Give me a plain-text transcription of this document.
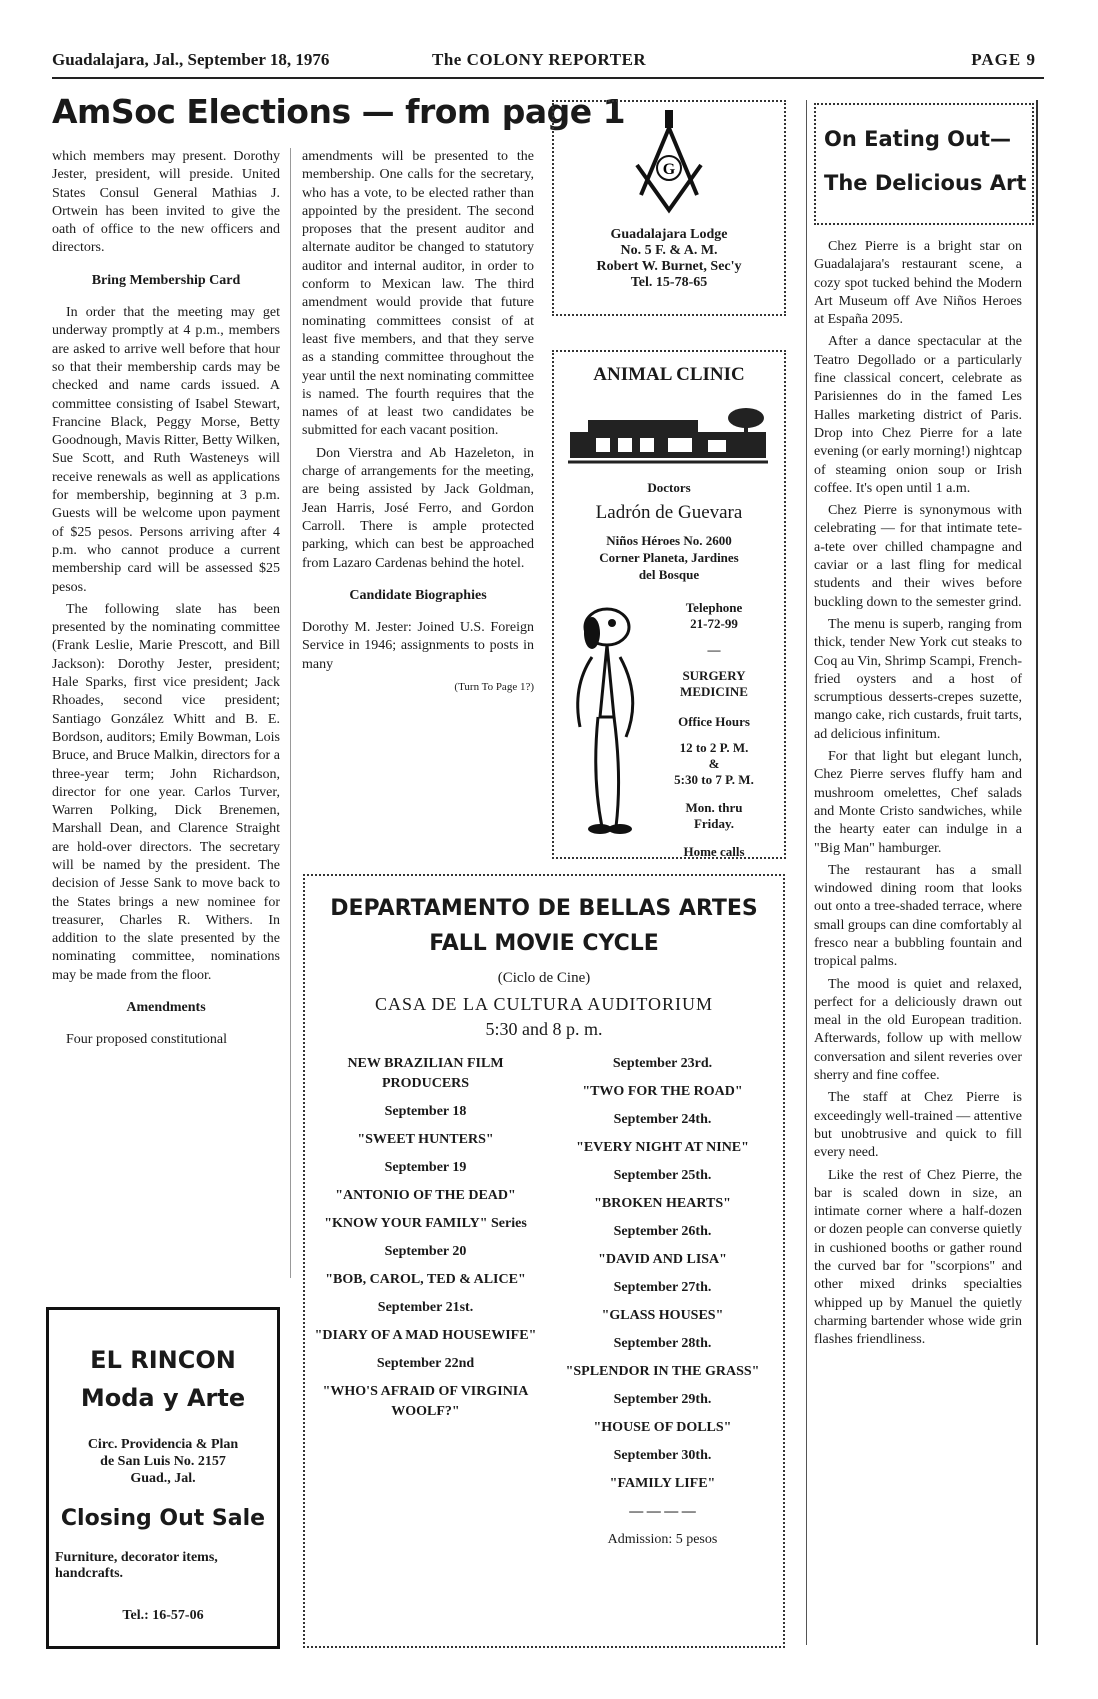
Guadalajara, Jal., September 18, 1976	The COLONY REPORTER	PAGE 9
AmSoc Elections — from page 1

which members may present. Dorothy Jester, president, will preside. United States Consul General Mathias J. Ortwein has been invited to give the oath of office to the new officers and directors.

Bring Membership Card

In order that the meeting may get underway promptly at 4 p.m., members are asked to arrive well before that hour so that their membership cards may be checked and name cards issued. A committee consisting of Isabel Stewart, Francine Black, Peggy Morse, Betty Goodnough, Mavis Ritter, Betty Wilken, Sue Scott, and Ruth Wasteneys will receive renewals as well as applications for membership, beginning at 3 p.m. Guests will be welcome upon payment of $25 pesos. Persons arriving after 4 p.m. who cannot produce a current membership card will be assessed $25 pesos.

The following slate has been presented by the nominating committee (Frank Leslie, Marie Prescott, and Bill Jackson): Dorothy Jester, president; Hale Sparks, first vice president; Jack Rhoades, second vice president; Santiago González Whitt and B. E. Bordson, auditors; Emily Bowman, Lois Bruce, and Bruce Malkin, directors for a three-year term; John Richardson, director for one year. Carlos Turver, Warren Polking, Dick Brenemen, Marshall Dean, and Clarence Straight are hold-over directors. The secretary will be named by the president. The decision of Jesse Sank to move back to the States brings a new nominee for treasurer, Charles R. Withers. In addition to the slate presented by the nominating committee, nominations may be made from the floor.

Amendments

Four proposed constitutional

amendments will be presented to the membership. One calls for the secretary, who has a vote, to be elected rather than appointed by the president. The second proposes that the present auditor and alternate auditor be changed to statutory auditor and internal auditor, in order to conform to Mexican law. The third amendment would provide that future nominating committees consist of at least five members, and that they serve as a standing committee throughout the year until the next nominating committee is named. The fourth requires that the names of at least two candidates be submitted for each vacant position.

Don Vierstra and Ab Hazeleton, in charge of arrangements for the meeting, are being assisted by Jack Goldman, Jean Harris, José Ferro, and Gordon Carroll. There is ample protected parking, which can best be approached from Lazaro Cardenas behind the hotel.

Candidate Biographies

Dorothy M. Jester: Joined U.S. Foreign Service in 1946; assignments to posts in many

(Turn To Page 1?)

G
Guadalajara Lodge
No. 5 F. & A. M.
Robert W. Burnet, Sec'y
Tel. 15-78-65
ANIMAL CLINIC
Doctors
Ladrón de Guevara
Niños Héroes No. 2600
Corner Planeta, Jardines
del Bosque
Telephone
21-72-99
—
SURGERY
MEDICINE
Office Hours
12 to 2 P. M.
&
5:30 to 7 P. M.
Mon. thru
Friday.
Home calls
DEPARTAMENTO DE BELLAS ARTES
FALL MOVIE CYCLE
(Ciclo de Cine)
CASA DE LA CULTURA AUDITORIUM
5:30 and 8 p. m.
NEW BRAZILIAN FILM PRODUCERS
September 18
"SWEET HUNTERS"
September 19
"ANTONIO OF THE DEAD"
"KNOW YOUR FAMILY" Series
September 20
"BOB, CAROL, TED & ALICE"
September 21st.
"DIARY OF A MAD HOUSEWIFE"
September 22nd
"WHO'S AFRAID OF VIRGINIA WOOLF?"
September 23rd.
"TWO FOR THE ROAD"
September 24th.
"EVERY NIGHT AT NINE"
September 25th.
"BROKEN HEARTS"
September 26th.
"DAVID AND LISA"
September 27th.
"GLASS HOUSES"
September 28th.
"SPLENDOR IN THE GRASS"
September 29th.
"HOUSE OF DOLLS"
September 30th.
"FAMILY LIFE"
— — — —
Admission: 5 pesos
EL RINCON
Moda y Arte
Circ. Providencia & Plan
de San Luis No. 2157
Guad., Jal.
Closing Out Sale
Furniture, decorator items, handcrafts.
Tel.: 16-57-06
On Eating Out—
The Delicious Art

Chez Pierre is a bright star on Guadalajara's restaurant scene, a cozy spot tucked behind the Modern Art Museum off Ave Niños Heroes at España 2095.

After a dance spectacular at the Teatro Degollado or a particularly fine classical concert, celebrate as Parisiennes do in the famed Les Halles marketing district of Paris. Drop into Chez Pierre for a late evening (or early morning!) nightcap of steaming onion soup or Irish coffee. It's open until 1 a.m.

Chez Pierre is synonymous with celebrating — for that intimate tete-a-tete over chilled champagne and caviar or a last fling for medical students and their wives before buckling down to the semester grind.

The menu is superb, ranging from thick, tender New York cut steaks to Coq au Vin, Shrimp Scampi, French-fried oysters and a host of scrumptious desserts-crepes suzette, mango cake, rich custards, fruit tarts, ad delicious infinitum.

For that light but elegant lunch, Chez Pierre serves fluffy ham and mushroom omelettes, Chef salads and Monte Cristo sandwiches, while the hearty eater can indulge in a "Big Man" hamburger.

The restaurant has a small windowed dining room that looks out onto a tree-shaded terrace, where small groups can dine comfortably al fresco near a bubbling fountain and tropical palms.

The mood is quiet and relaxed, perfect for a deliciously drawn out meal in the old European tradition. Afterwards, follow up with mellow conversation and silent reveries over sherry and fine coffee.

The staff at Chez Pierre is exceedingly well-trained — attentive but unobtrusive and quick to fill every need.

Like the rest of Chez Pierre, the bar is scaled down in size, an intimate corner where a half-dozen or dozen people can converse quietly in cushioned booths or gather round the curved bar for "scorpions" and other mixed drinks specialties whipped up by Manuel the quietly charming bartender whose wide grin flashes friendliness.
